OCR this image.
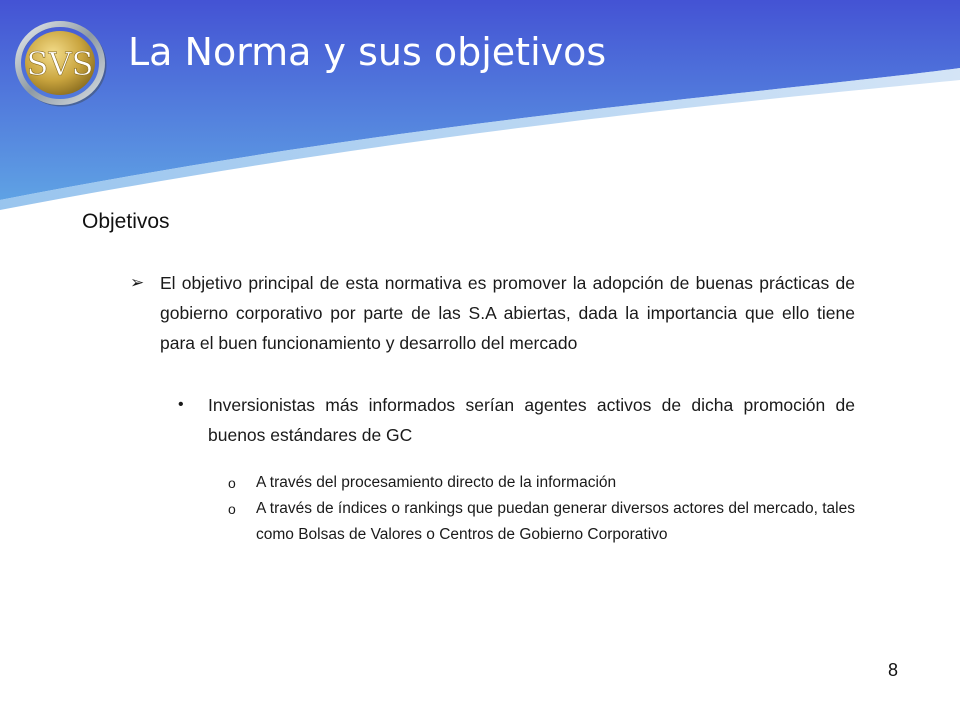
SVS La Norma y sus objetivos
Objetivos
➢ El objetivo principal de esta normativa es promover la adopción de buenas prácticas de gobierno corporativo por parte de las S.A abiertas, dada la importancia que ello tiene para el buen funcionamiento y desarrollo del mercado
• Inversionistas más informados serían agentes activos de dicha promoción de buenos estándares de GC
o A través del procesamiento directo de la información
o A través de índices o rankings que puedan generar diversos actores del mercado, tales como Bolsas de Valores o Centros de Gobierno Corporativo
8
